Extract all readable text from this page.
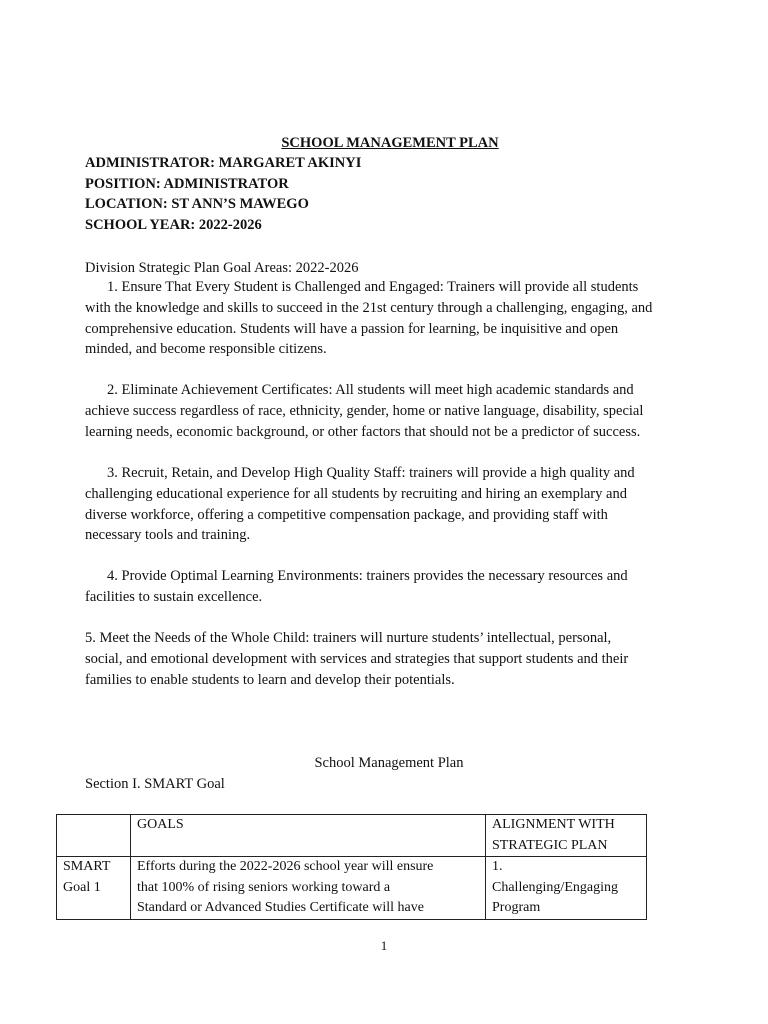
SCHOOL MANAGEMENT PLAN
ADMINISTRATOR: MARGARET AKINYI
POSITION: ADMINISTRATOR
LOCATION: ST ANN’S MAWEGO
SCHOOL YEAR: 2022-2026
Division Strategic Plan Goal Areas: 2022-2026
1. Ensure That Every Student is Challenged and Engaged: Trainers will provide all students
with the knowledge and skills to succeed in the 21st century through a challenging, engaging, and
comprehensive education. Students will have a passion for learning, be inquisitive and open
minded, and become responsible citizens.
2. Eliminate Achievement Certificates: All students will meet high academic standards and
achieve success regardless of race, ethnicity, gender, home or native language, disability, special
learning needs, economic background, or other factors that should not be a predictor of success.
3. Recruit, Retain, and Develop High Quality Staff: trainers will provide a high quality and
challenging educational experience for all students by recruiting and hiring an exemplary and
diverse workforce, offering a competitive compensation package, and providing staff with
necessary tools and training.
4. Provide Optimal Learning Environments: trainers provides the necessary resources and
facilities to sustain excellence.
5. Meet the Needs of the Whole Child: trainers will nurture students’ intellectual, personal,
social, and emotional development with services and strategies that support students and their
families to enable students to learn and develop their potentials.
School Management Plan
Section I. SMART Goal

	GOALS	ALIGNMENT WITH
STRATEGIC PLAN

SMART
Goal 1	Efforts during the 2022-2026 school year will ensure
that 100% of rising seniors working toward a
Standard or Advanced Studies Certificate will have	1.
Challenging/Engaging
Program
1
